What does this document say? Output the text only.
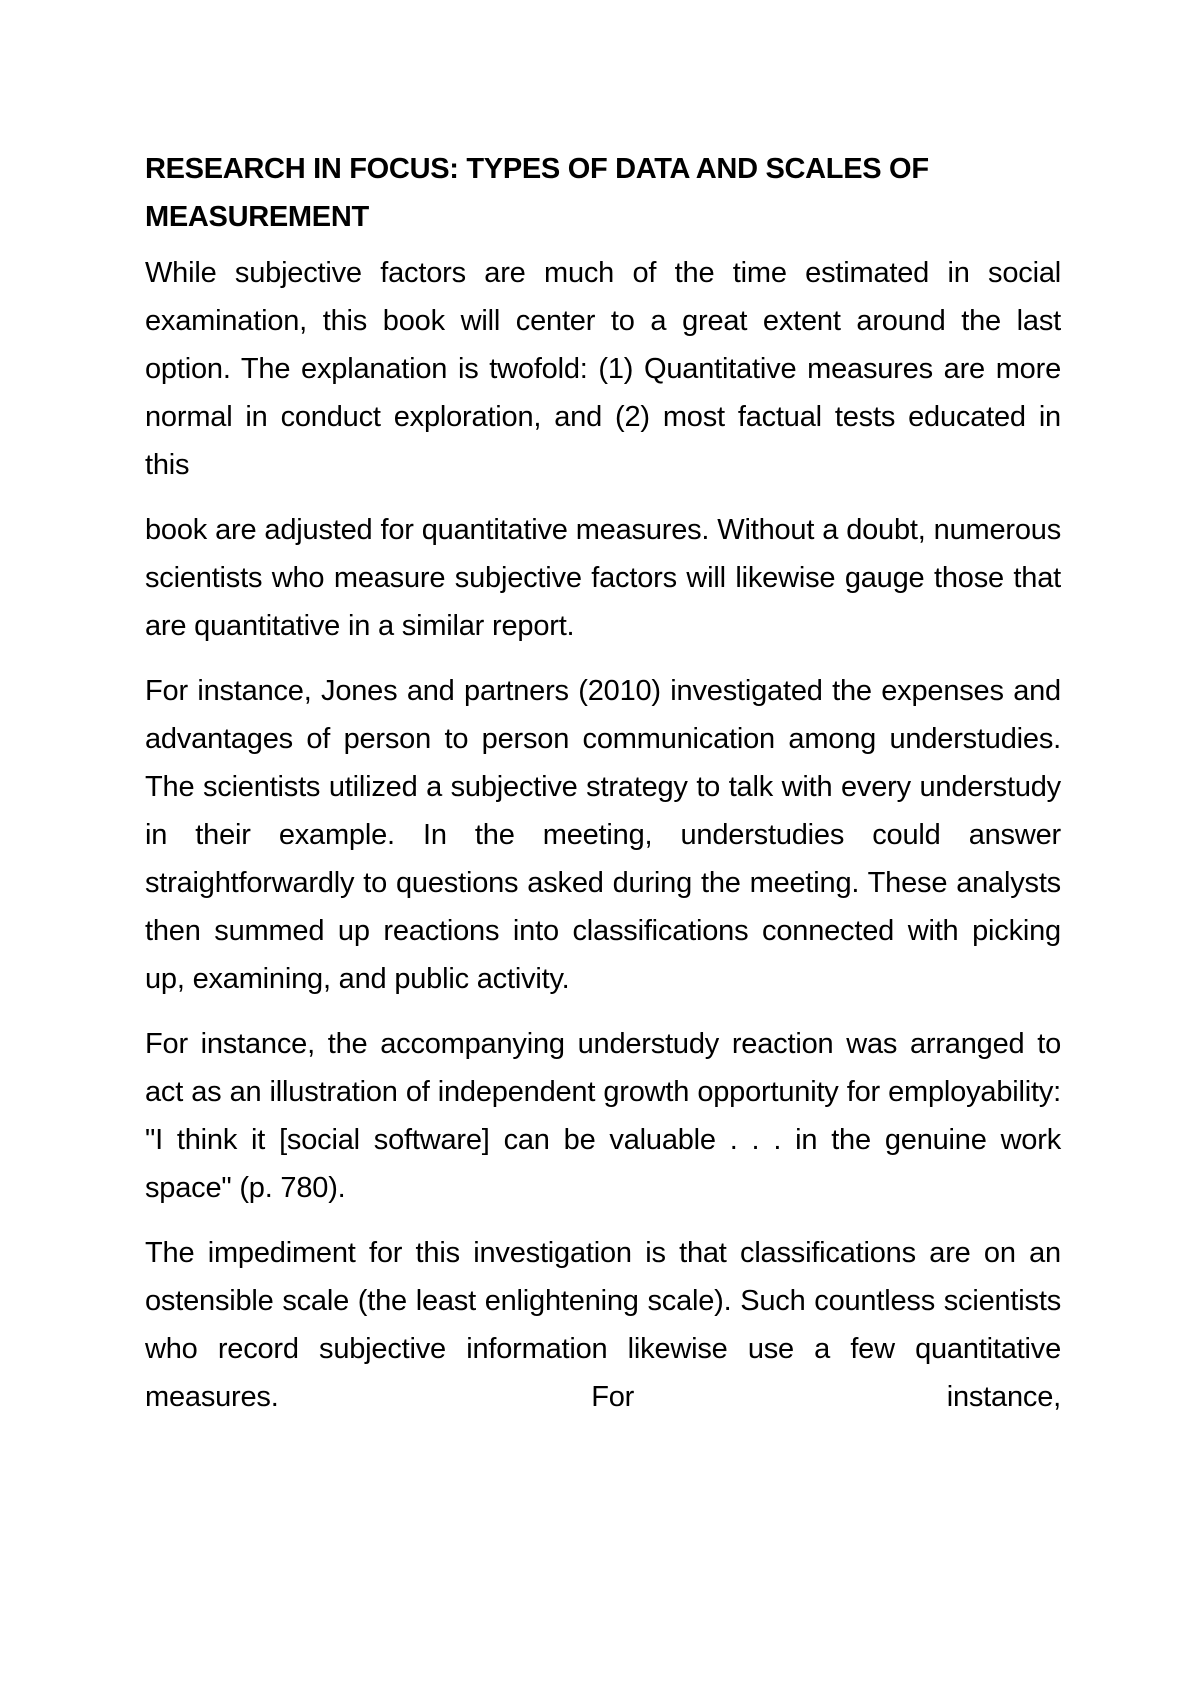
RESEARCH IN FOCUS: TYPES OF DATA AND SCALES OF MEASUREMENT

While subjective factors are much of the time estimated in social examination, this book will center to a great extent around the last option. The explanation is twofold: (1) Quantitative measures are more normal in conduct exploration, and (2) most factual tests educated in this

book are adjusted for quantitative measures. Without a doubt, numerous scientists who measure subjective factors will likewise gauge those that are quantitative in a similar report.

For instance, Jones and partners (2010) investigated the expenses and advantages of person to person communication among understudies. The scientists utilized a subjective strategy to talk with every understudy in their example. In the meeting, understudies could answer straightforwardly to questions asked during the meeting. These analysts then summed up reactions into classifications connected with picking up, examining, and public activity.

For instance, the accompanying understudy reaction was arranged to act as an illustration of independent growth opportunity for employability: "I think it [social software] can be valuable . . . in the genuine work space" (p. 780).

The impediment for this investigation is that classifications are on an ostensible scale (the least enlightening scale). Such countless scientists who record subjective information likewise use a few quantitative measures. For instance,
